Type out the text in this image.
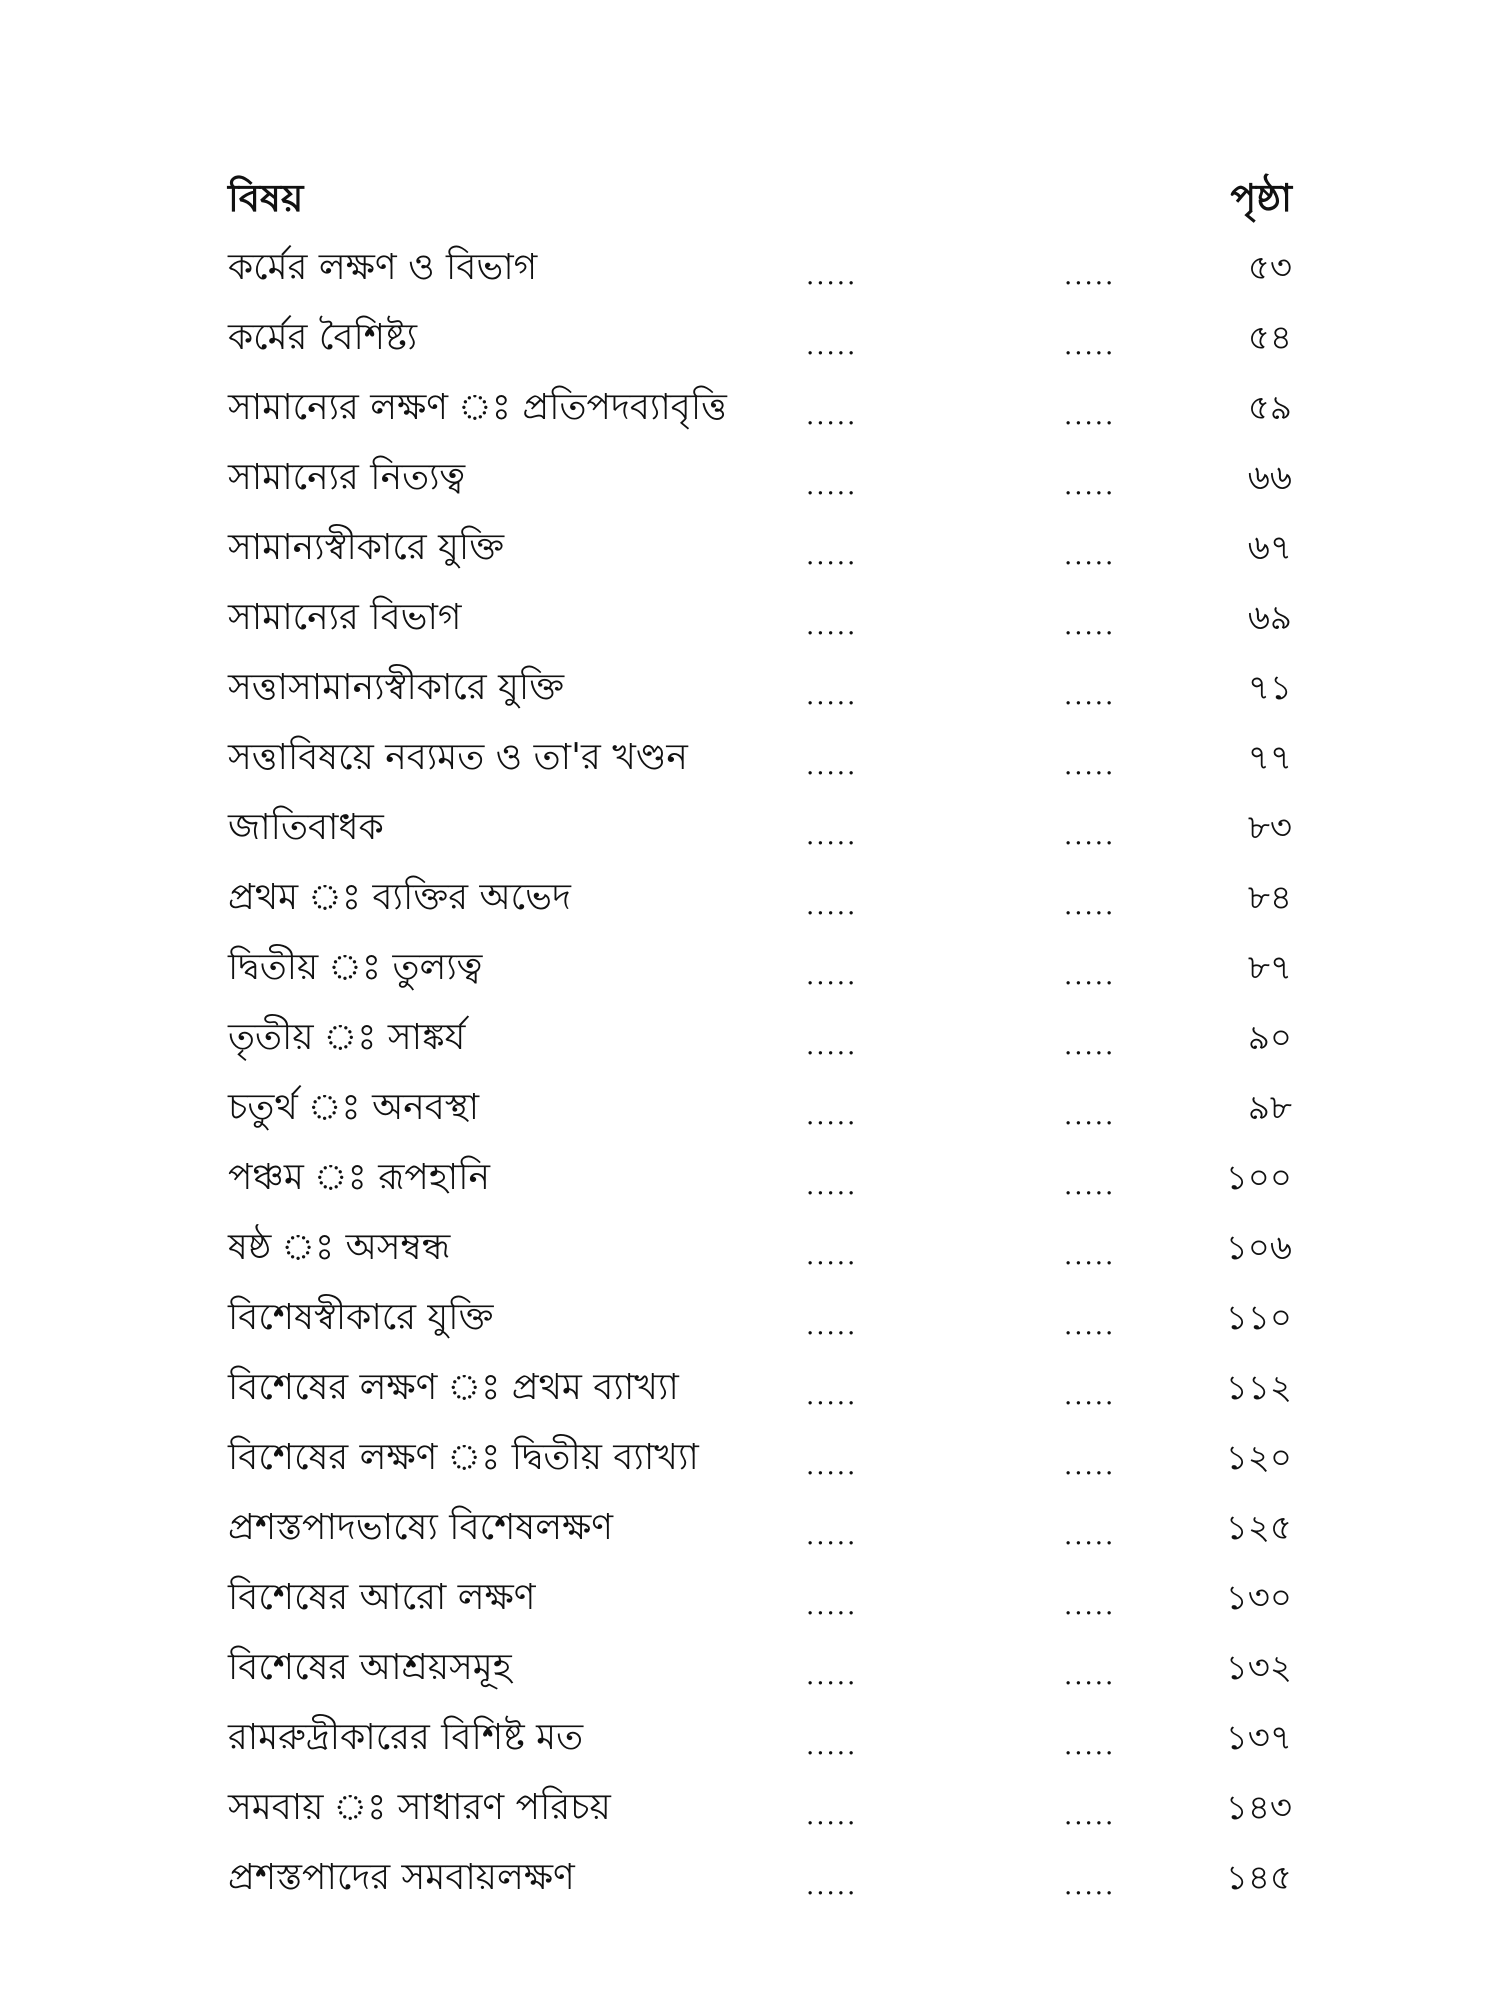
বিষয়	পৃষ্ঠা
কর্মের লক্ষণ ও বিভাগ	.....	.....	৫৩
কর্মের বৈশিষ্ট্য	.....	.....	৫৪
সামান্যের লক্ষণ ঃ প্রতিপদব্যাবৃত্তি	.....	.....	৫৯
সামান্যের নিত্যত্ব	.....	.....	৬৬
সামান্যস্বীকারে যুক্তি	.....	.....	৬৭
সামান্যের বিভাগ	.....	.....	৬৯
সত্তাসামান্যস্বীকারে যুক্তি	.....	.....	৭১
সত্তাবিষয়ে নব্যমত ও তা'র খণ্ডন	.....	.....	৭৭
জাতিবাধক	.....	.....	৮৩
প্রথম ঃ ব্যক্তির অভেদ	.....	.....	৮৪
দ্বিতীয় ঃ তুল্যত্ব	.....	.....	৮৭
তৃতীয় ঃ সাঙ্কর্য	.....	.....	৯০
চতুর্থ ঃ অনবস্থা	.....	.....	৯৮
পঞ্চম ঃ রূপহানি	.....	.....	১০০
ষষ্ঠ ঃ অসম্বন্ধ	.....	.....	১০৬
বিশেষস্বীকারে যুক্তি	.....	.....	১১০
বিশেষের লক্ষণ ঃ প্রথম ব্যাখ্যা	.....	.....	১১২
বিশেষের লক্ষণ ঃ দ্বিতীয় ব্যাখ্যা	.....	.....	১২০
প্রশস্তপাদভাষ্যে বিশেষলক্ষণ	.....	.....	১২৫
বিশেষের আরো লক্ষণ	.....	.....	১৩০
বিশেষের আশ্রয়সমূহ	.....	.....	১৩২
রামরুদ্রীকারের বিশিষ্ট মত	.....	.....	১৩৭
সমবায় ঃ সাধারণ পরিচয়	.....	.....	১৪৩
প্রশস্তপাদের সমবায়লক্ষণ	.....	.....	১৪৫
